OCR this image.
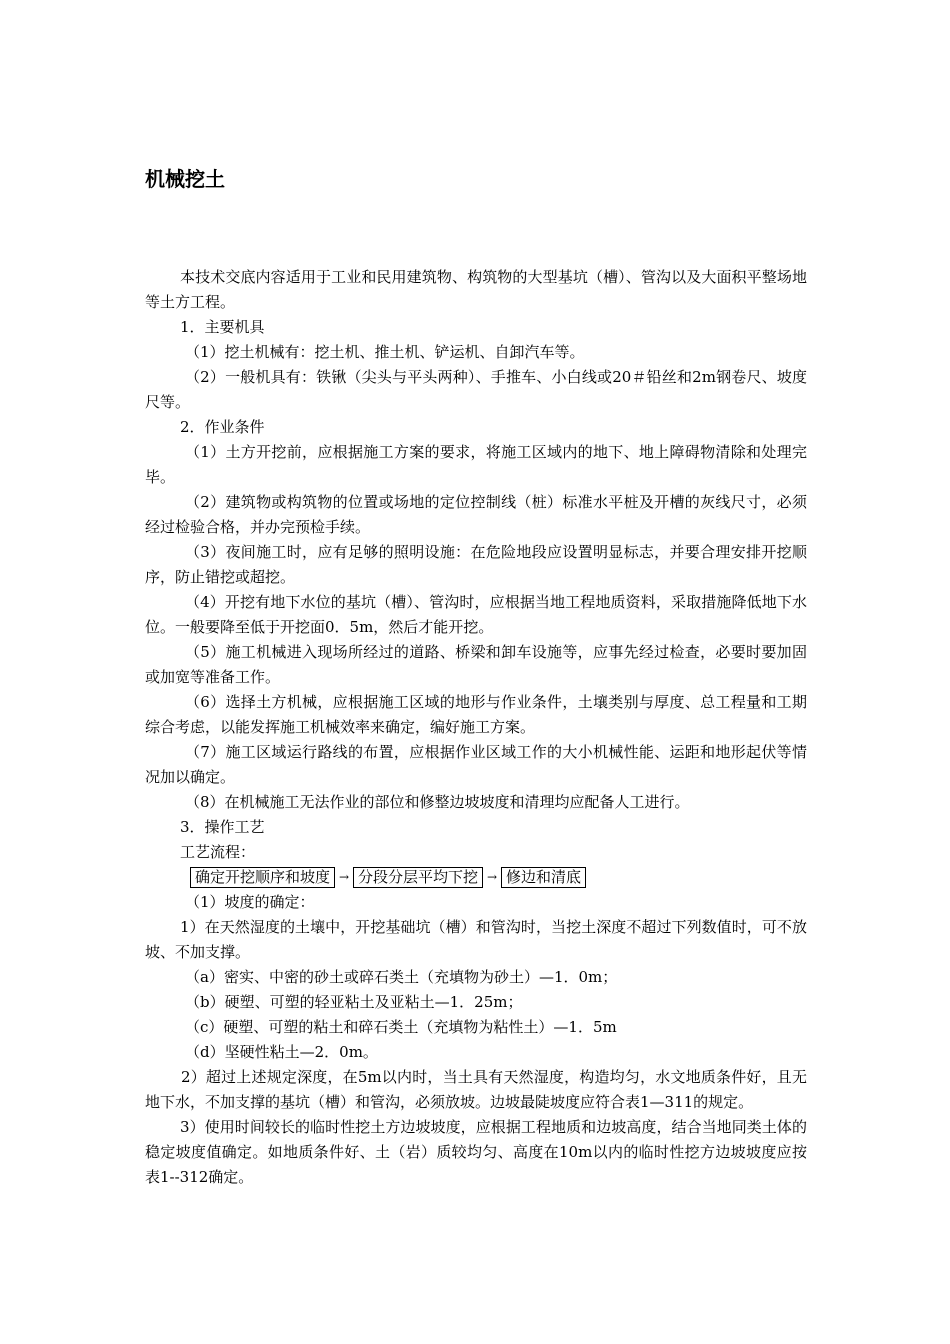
机械挖土

本技术交底内容适用于工业和民用建筑物、构筑物的大型基坑（槽）、管沟以及大面积平整场地等土方工程。

1．主要机具

（1）挖土机械有：挖土机、推土机、铲运机、自卸汽车等。

（2）一般机具有：铁锹（尖头与平头两种）、手推车、小白线或20＃铅丝和2m钢卷尺、坡度尺等。

2．作业条件

（1）土方开挖前，应根据施工方案的要求，将施工区域内的地下、地上障碍物清除和处理完毕。

（2）建筑物或构筑物的位置或场地的定位控制线（桩）标准水平桩及开槽的灰线尺寸，必须经过检验合格，并办完预检手续。

（3）夜间施工时，应有足够的照明设施：在危险地段应设置明显标志，并要合理安排开挖顺序，防止错挖或超挖。

（4）开挖有地下水位的基坑（槽）、管沟时，应根据当地工程地质资料，采取措施降低地下水位。一般要降至低于开挖面0．5m，然后才能开挖。

（5）施工机械进入现场所经过的道路、桥梁和卸车设施等，应事先经过检查，必要时要加固或加宽等准备工作。

（6）选择土方机械，应根据施工区域的地形与作业条件，土壤类别与厚度、总工程量和工期综合考虑，以能发挥施工机械效率来确定，编好施工方案。

（7）施工区域运行路线的布置，应根据作业区域工作的大小机械性能、运距和地形起伏等情况加以确定。

（8）在机械施工无法作业的部位和修整边坡坡度和清理均应配备人工进行。

3．操作工艺

工艺流程：

确定开挖顺序和坡度 → 分段分层平均下挖 → 修边和清底

（1）坡度的确定：

1）在天然湿度的土壤中，开挖基础坑（槽）和管沟时，当挖土深度不超过下列数值时，可不放坡、不加支撑。

（a）密实、中密的砂土或碎石类土（充填物为砂土）—1．0m；

（b）硬塑、可塑的轻亚粘土及亚粘土—1．25m；

（c）硬塑、可塑的粘土和碎石类土（充填物为粘性土）—1．5m

（d）坚硬性粘土—2．0m。

2）超过上述规定深度，在5m以内时，当土具有天然湿度，构造均匀，水文地质条件好，且无地下水，不加支撑的基坑（槽）和管沟，必须放坡。边坡最陡坡度应符合表1—311的规定。

3）使用时间较长的临时性挖土方边坡坡度，应根据工程地质和边坡高度，结合当地同类土体的稳定坡度值确定。如地质条件好、土（岩）质较均匀、高度在10m以内的临时性挖方边坡坡度应按表1--312确定。
